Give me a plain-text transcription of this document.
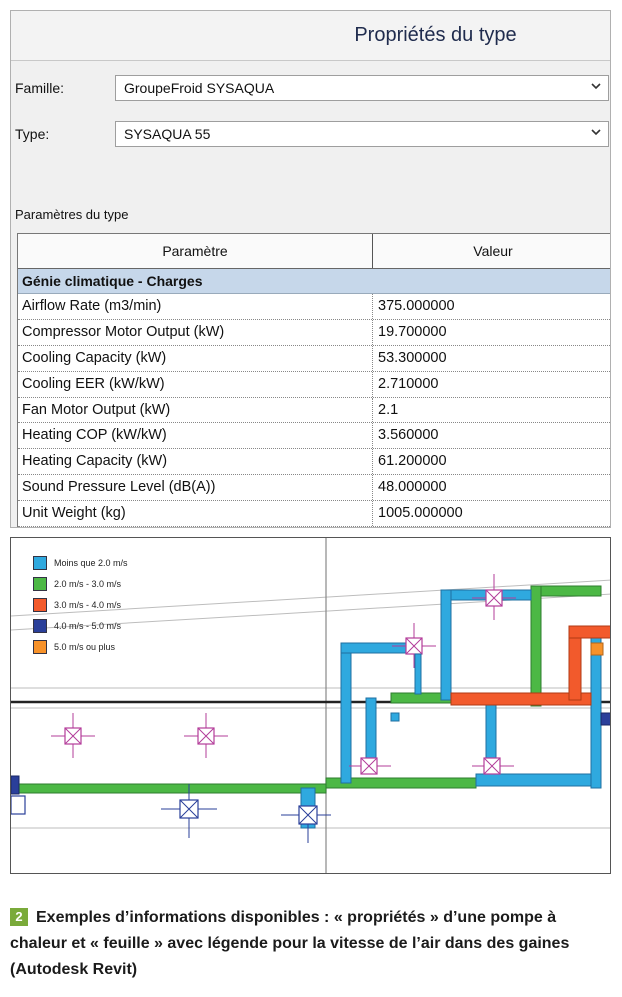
Propriétés du type
Famille:	GroupeFroid SYSAQUA
Type:	SYSAQUA 55
Paramètres du type
Paramètre	Valeur
Génie climatique - Charges
Airflow Rate (m3/min)	375.000000
Compressor Motor Output (kW)	19.700000
Cooling Capacity (kW)	53.300000
Cooling EER (kW/kW)	2.710000
Fan Motor Output (kW)	2.1
Heating COP (kW/kW)	3.560000
Heating Capacity (kW)	61.200000
Sound Pressure Level (dB(A))	48.000000
Unit Weight (kg)	1005.000000
Moins que 2.0 m/s
2.0 m/s - 3.0 m/s
3.0 m/s - 4.0 m/s
4.0 m/s - 5.0 m/s
5.0 m/s ou plus
2 Exemples d’informations disponibles : « propriétés » d’une pompe à chaleur et « feuille » avec légende pour la vitesse de l’air dans des gaines (Autodesk Revit)
